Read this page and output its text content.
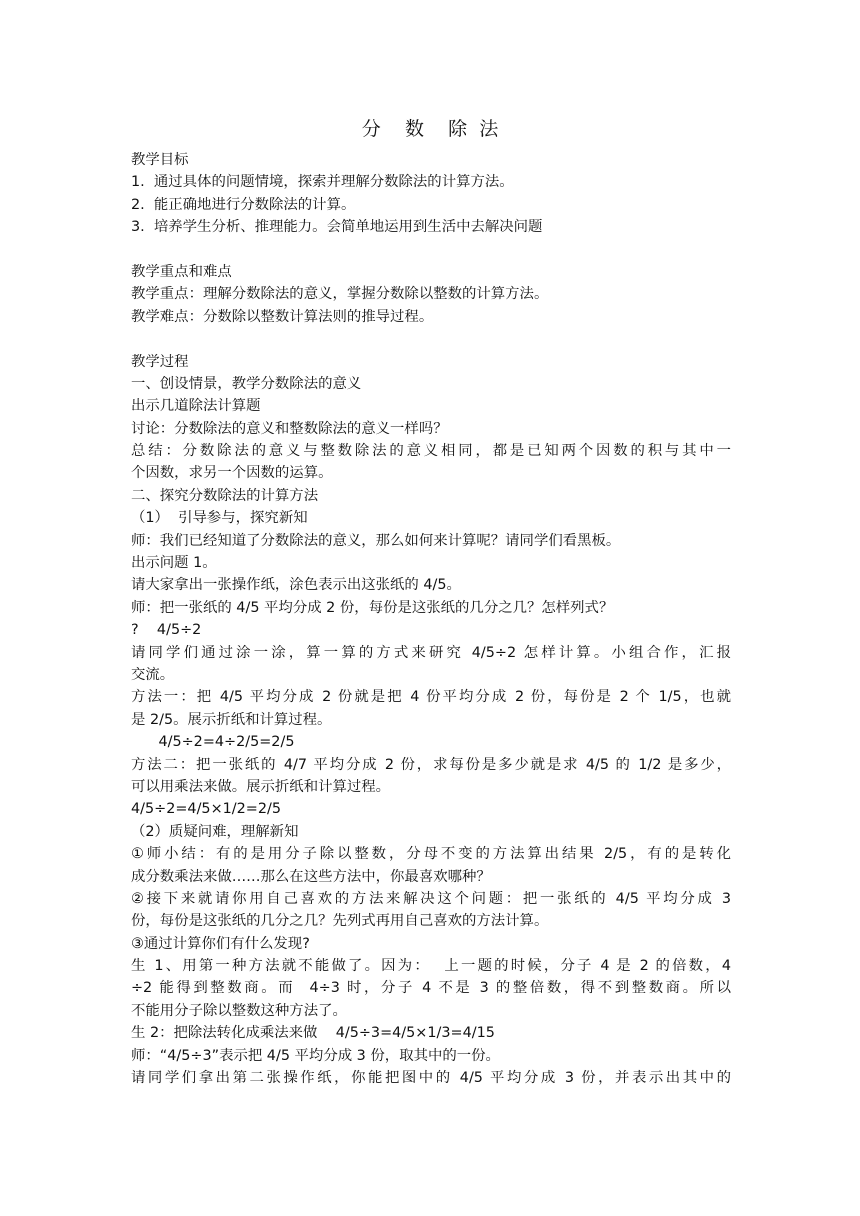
分    数    除  法
教学目标
1.  通过具体的问题情境，探索并理解分数除法的计算方法。
2.  能正确地进行分数除法的计算。
3.  培养学生分析、推理能力。会简单地运用到生活中去解决问题
教学重点和难点
教学重点：理解分数除法的意义，掌握分数除以整数的计算方法。
教学难点：分数除以整数计算法则的推导过程。
教学过程
一、创设情景，教学分数除法的意义
出示几道除法计算题
讨论：分数除法的意义和整数除法的意义一样吗？
总结：分数除法的意义与整数除法的意义相同，都是已知两个因数的积与其中一
个因数，求另一个因数的运算。
二、探究分数除法的计算方法
（1）  引导参与，探究新知
师：我们已经知道了分数除法的意义，那么如何来计算呢？请同学们看黑板。
出示问题 1。
请大家拿出一张操作纸，涂色表示出这张纸的 4/5。
师：把一张纸的 4/5 平均分成 2 份，每份是这张纸的几分之几？怎样列式？
?    4/5÷2
请同学们通过涂一涂，算一算的方式来研究 4/5÷2 怎样计算。小组合作，汇报
交流。
方法一：把 4/5 平均分成 2 份就是把 4 份平均分成 2 份，每份是 2 个 1/5，也就
是 2/5。展示折纸和计算过程。
4/5÷2=4÷2/5=2/5
方法二：把一张纸的 4/7 平均分成 2 份，求每份是多少就是求 4/5 的 1/2 是多少，
可以用乘法来做。展示折纸和计算过程。
4/5÷2=4/5×1/2=2/5
（2）质疑问难，理解新知
①师小结：有的是用分子除以整数，分母不变的方法算出结果 2/5，有的是转化
成分数乘法来做……那么在这些方法中，你最喜欢哪种？
②接下来就请你用自己喜欢的方法来解决这个问题：把一张纸的 4/5 平均分成 3
份，每份是这张纸的几分之几？先列式再用自己喜欢的方法计算。
③通过计算你们有什么发现?
生 1、用第一种方法就不能做了。因为：  上一题的时候，分子 4 是 2 的倍数，4
÷2 能得到整数商。而  4÷3 时，分子 4 不是 3 的整倍数，得不到整数商。所以
不能用分子除以整数这种方法了。
生 2：把除法转化成乘法来做    4/5÷3=4/5×1/3=4/15
师：“4/5÷3”表示把 4/5 平均分成 3 份，取其中的一份。
请同学们拿出第二张操作纸，你能把图中的 4/5 平均分成 3 份，并表示出其中的
